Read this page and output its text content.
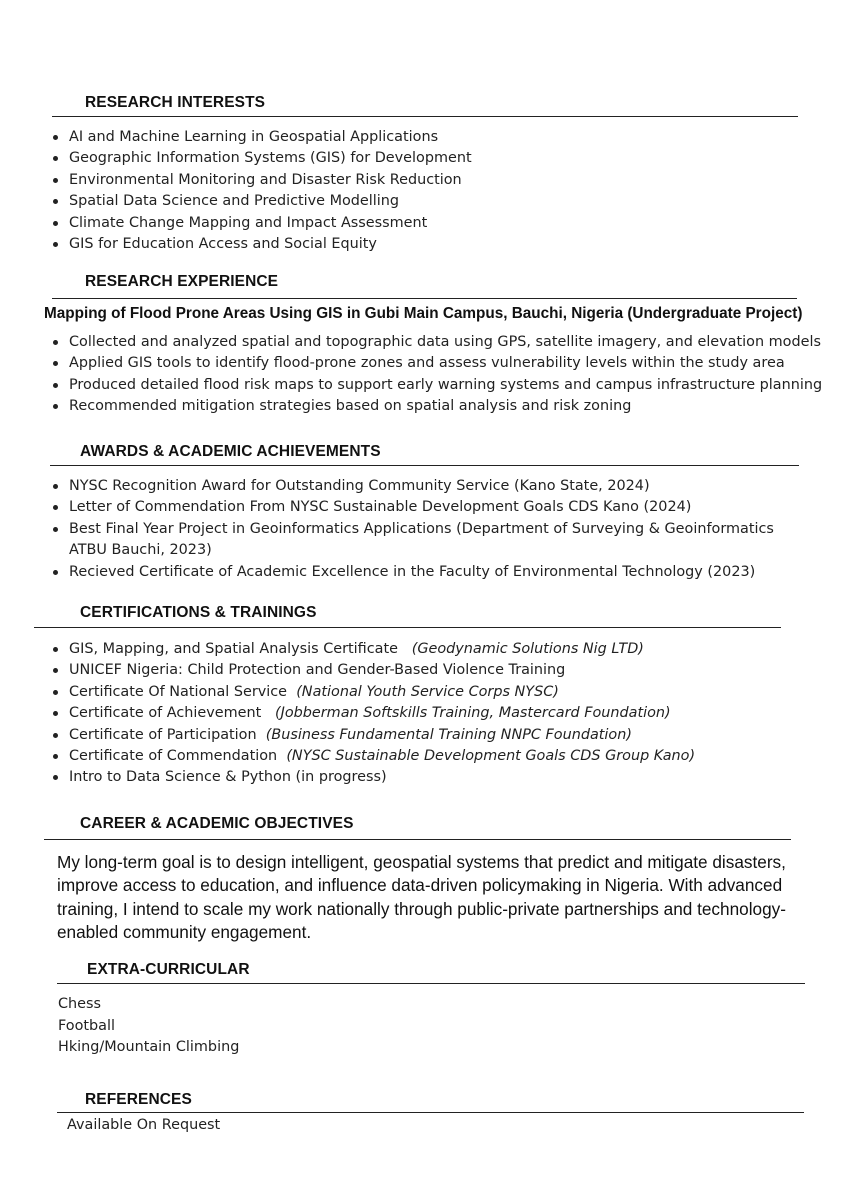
RESEARCH INTERESTS
AI and Machine Learning in Geospatial Applications
Geographic Information Systems (GIS) for Development
Environmental Monitoring and Disaster Risk Reduction
Spatial Data Science and Predictive Modelling
Climate Change Mapping and Impact Assessment
GIS for Education Access and Social Equity
RESEARCH EXPERIENCE
Mapping of Flood Prone Areas Using GIS in Gubi Main Campus, Bauchi, Nigeria (Undergraduate Project)
Collected and analyzed spatial and topographic data using GPS, satellite imagery, and elevation models
Applied GIS tools to identify flood-prone zones and assess vulnerability levels within the study area
Produced detailed flood risk maps to support early warning systems and campus infrastructure planning
Recommended mitigation strategies based on spatial analysis and risk zoning
AWARDS & ACADEMIC ACHIEVEMENTS
NYSC Recognition Award for Outstanding Community Service (Kano State, 2024)
Letter of Commendation From NYSC Sustainable Development Goals CDS Kano (2024)
Best Final Year Project in Geoinformatics Applications (Department of Surveying & Geoinformatics ATBU Bauchi, 2023)
Recieved Certificate of Academic Excellence in the Faculty of Environmental Technology (2023)
CERTIFICATIONS & TRAININGS
GIS, Mapping, and Spatial Analysis Certificate (Geodynamic Solutions Nig LTD)
UNICEF Nigeria: Child Protection and Gender-Based Violence Training
Certificate Of National Service (National Youth Service Corps NYSC)
Certificate of Achievement (Jobberman Softskills Training, Mastercard Foundation)
Certificate of Participation (Business Fundamental Training NNPC Foundation)
Certificate of Commendation (NYSC Sustainable Development Goals CDS Group Kano)
Intro to Data Science & Python (in progress)
CAREER & ACADEMIC OBJECTIVES
My long-term goal is to design intelligent, geospatial systems that predict and mitigate disasters, improve access to education, and influence data-driven policymaking in Nigeria. With advanced training, I intend to scale my work nationally through public-private partnerships and technology-enabled community engagement.
EXTRA-CURRICULAR
Chess
Football
Hking/Mountain Climbing
REFERENCES
Available On Request
